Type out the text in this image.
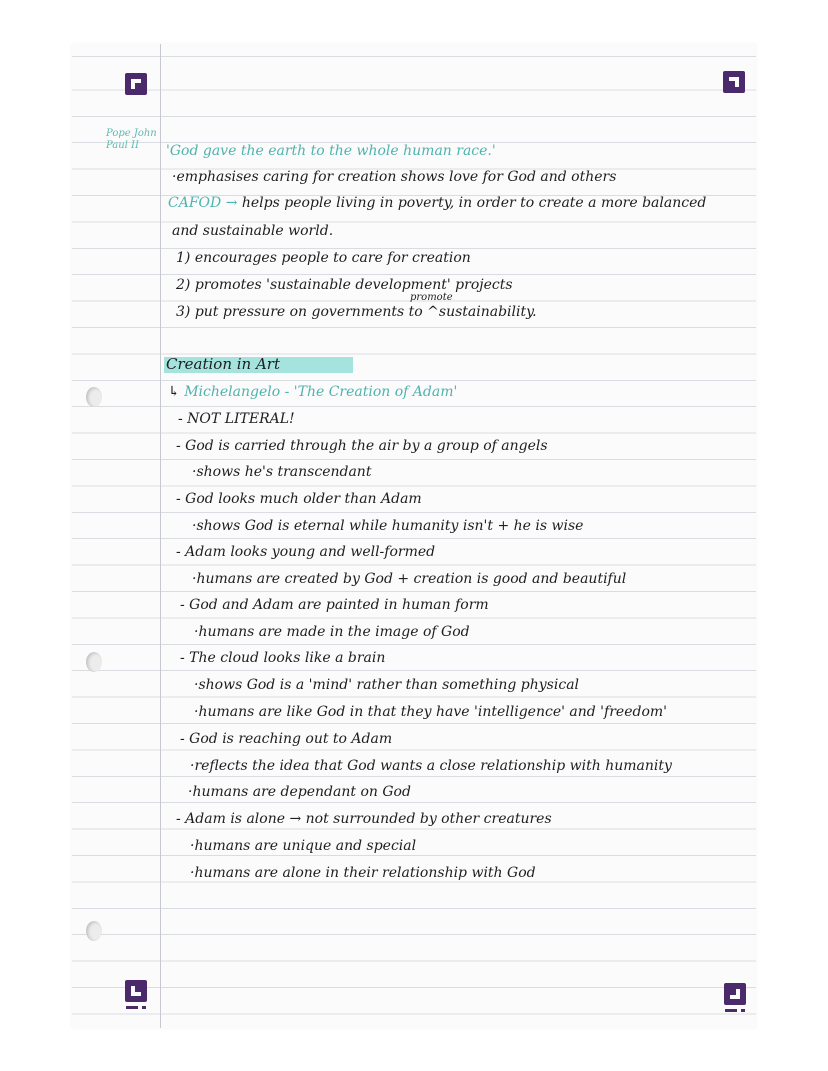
Pope John
Paul II 'God gave the earth to the whole human race.'

·emphasises caring for creation shows love for God and others

CAFOD → helps people living in poverty, in order to create a more balanced

and sustainable world.

1) encourages people to care for creation

2) promotes 'sustainable development' projects

promote

3) put pressure on governments to ^sustainability.

Creation in Art

↳ Michelangelo - 'The Creation of Adam'

- NOT LITERAL!

- God is carried through the air by a group of angels

·shows he's transcendant

- God looks much older than Adam

·shows God is eternal while humanity isn't + he is wise

- Adam looks young and well-formed

·humans are created by God + creation is good and beautiful

- God and Adam are painted in human form

·humans are made in the image of God

- The cloud looks like a brain

·shows God is a 'mind' rather than something physical

·humans are like God in that they have 'intelligence' and 'freedom'

- God is reaching out to Adam

·reflects the idea that God wants a close relationship with humanity

·humans are dependant on God

- Adam is alone → not surrounded by other creatures

·humans are unique and special

·humans are alone in their relationship with God
